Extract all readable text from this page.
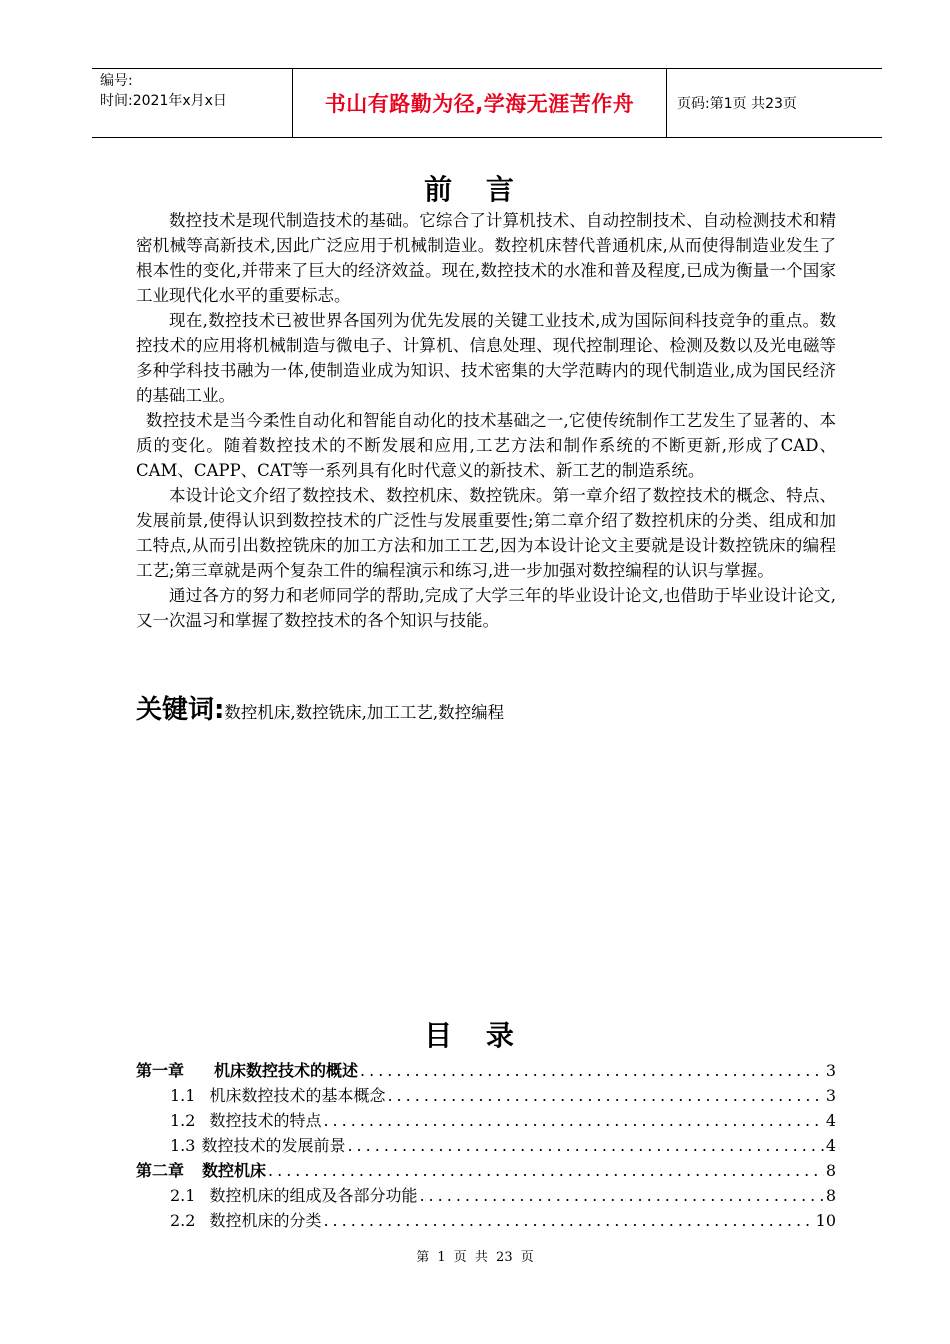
编号:
时间:2021年x月x日	书山有路勤为径,学海无涯苦作舟	页码:第1页 共23页
前 言

数控技术是现代制造技术的基础。它综合了计算机技术、自动控制技术、自动检测技术和精密机械等高新技术,因此广泛应用于机械制造业。数控机床替代普通机床,从而使得制造业发生了根本性的变化,并带来了巨大的经济效益。现在,数控技术的水准和普及程度,已成为衡量一个国家工业现代化水平的重要标志。

现在,数控技术已被世界各国列为优先发展的关键工业技术,成为国际间科技竞争的重点。数控技术的应用将机械制造与微电子、计算机、信息处理、现代控制理论、检测及数以及光电磁等多种学科技书融为一体,使制造业成为知识、技术密集的大学范畴内的现代制造业,成为国民经济的基础工业。

数控技术是当今柔性自动化和智能自动化的技术基础之一,它使传统制作工艺发生了显著的、本质的变化。随着数控技术的不断发展和应用,工艺方法和制作系统的不断更新,形成了CAD、CAM、CAPP、CAT等一系列具有化时代意义的新技术、新工艺的制造系统。

本设计论文介绍了数控技术、数控机床、数控铣床。第一章介绍了数控技术的概念、特点、发展前景,使得认识到数控技术的广泛性与发展重要性;第二章介绍了数控机床的分类、组成和加工特点,从而引出数控铣床的加工方法和加工工艺,因为本设计论文主要就是设计数控铣床的编程工艺;第三章就是两个复杂工件的编程演示和练习,进一步加强对数控编程的认识与掌握。

通过各方的努力和老师同学的帮助,完成了大学三年的毕业设计论文,也借助于毕业设计论文,又一次温习和掌握了数控技术的各个知识与技能。

关键词:数控机床,数控铣床,加工工艺,数控编程
目 录
第一章 机床数控技术的概述 .....	3
1.1 机床数控技术的基本概念 .....	3
1.2 数控技术的特点 .....	4
1.3 数控技术的发展前景 .....	4
第二章 数控机床 .....	8
2.1 数控机床的组成及各部分功能 .....	8
2.2 数控机床的分类 .....	10
第 1 页 共 23 页
